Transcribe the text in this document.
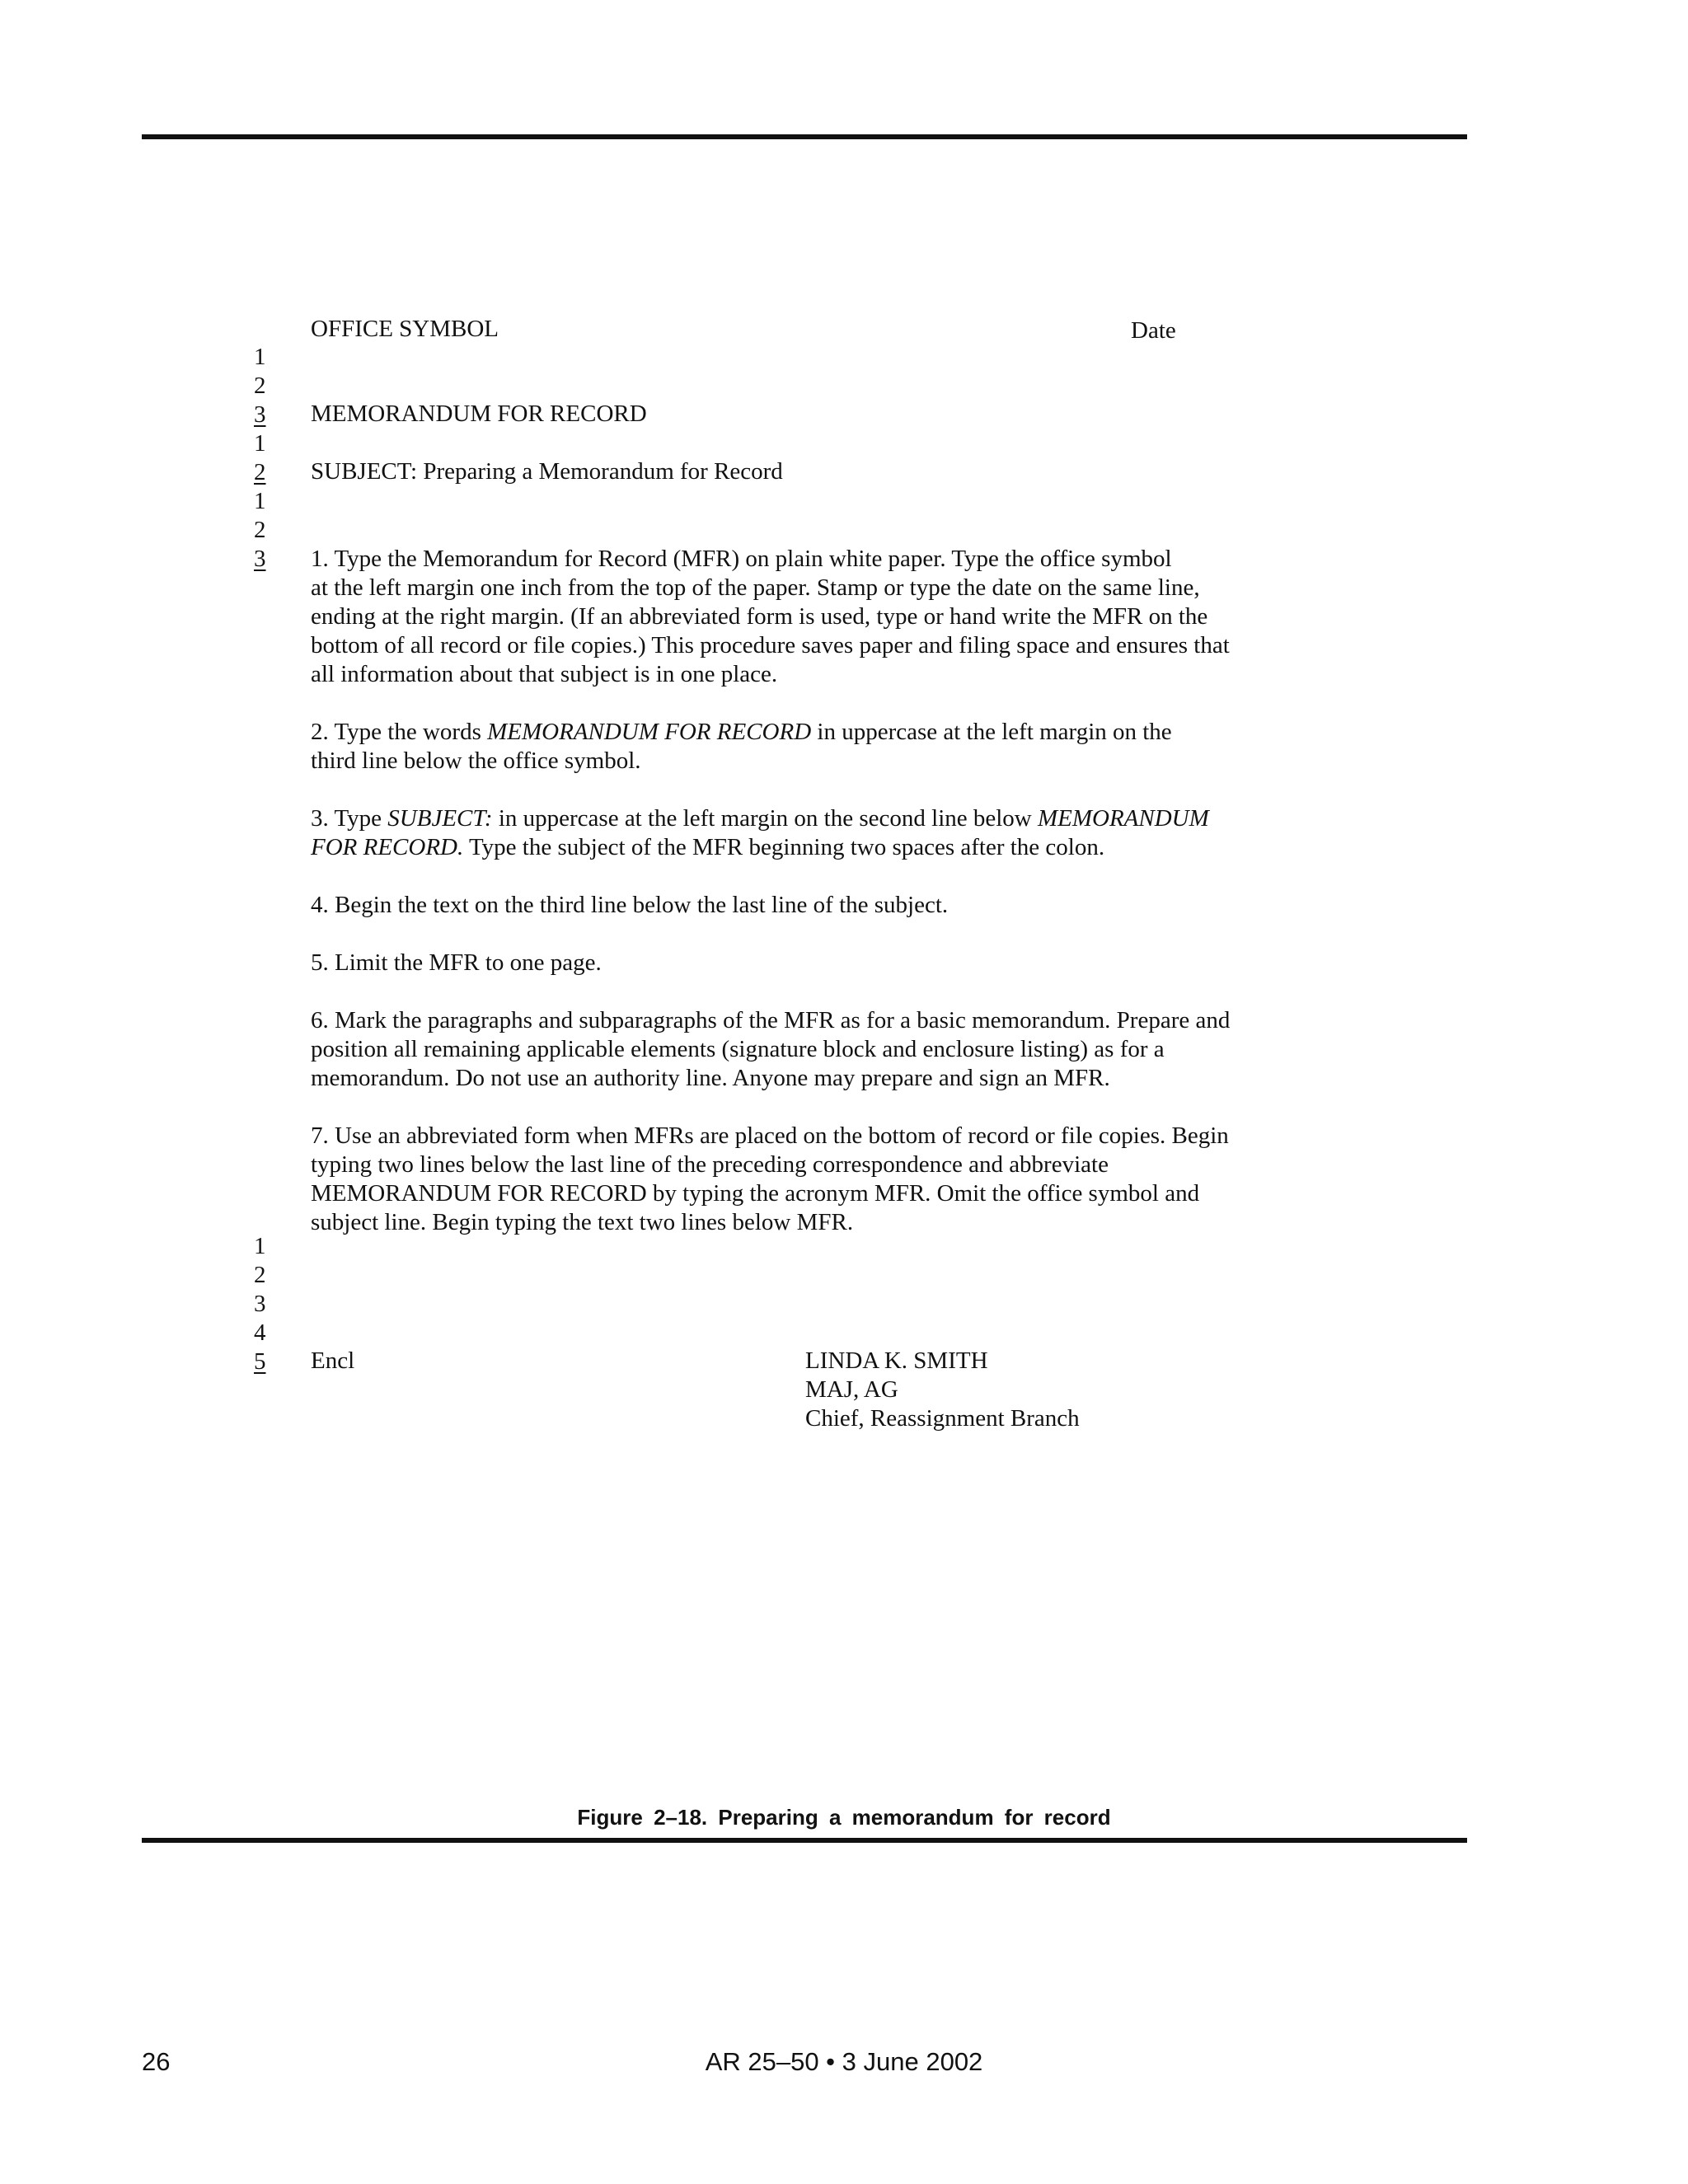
OFFICE SYMBOL	Date
1
2
3
1
2
1
2
3
MEMORANDUM FOR RECORD
SUBJECT: Preparing a Memorandum for Record
1. Type the Memorandum for Record (MFR) on plain white paper. Type the office symbol
at the left margin one inch from the top of the paper. Stamp or type the date on the same line,
ending at the right margin. (If an abbreviated form is used, type or hand write the MFR on the
bottom of all record or file copies.) This procedure saves paper and filing space and ensures that
all information about that subject is in one place.
2. Type the words MEMORANDUM FOR RECORD in uppercase at the left margin on the
third line below the office symbol.
3. Type SUBJECT: in uppercase at the left margin on the second line below MEMORANDUM
FOR RECORD. Type the subject of the MFR beginning two spaces after the colon.
4. Begin the text on the third line below the last line of the subject.
5. Limit the MFR to one page.
6. Mark the paragraphs and subparagraphs of the MFR as for a basic memorandum. Prepare and
position all remaining applicable elements (signature block and enclosure listing) as for a
memorandum. Do not use an authority line. Anyone may prepare and sign an MFR.
7. Use an abbreviated form when MFRs are placed on the bottom of record or file copies. Begin
typing two lines below the last line of the preceding correspondence and abbreviate
MEMORANDUM FOR RECORD by typing the acronym MFR. Omit the office symbol and
subject line. Begin typing the text two lines below MFR.
1
2
3
4
5 Encl	LINDA K. SMITH
MAJ, AG
Chief, Reassignment Branch
Figure 2–18. Preparing a memorandum for record
26	AR 25–50 • 3 June 2002
